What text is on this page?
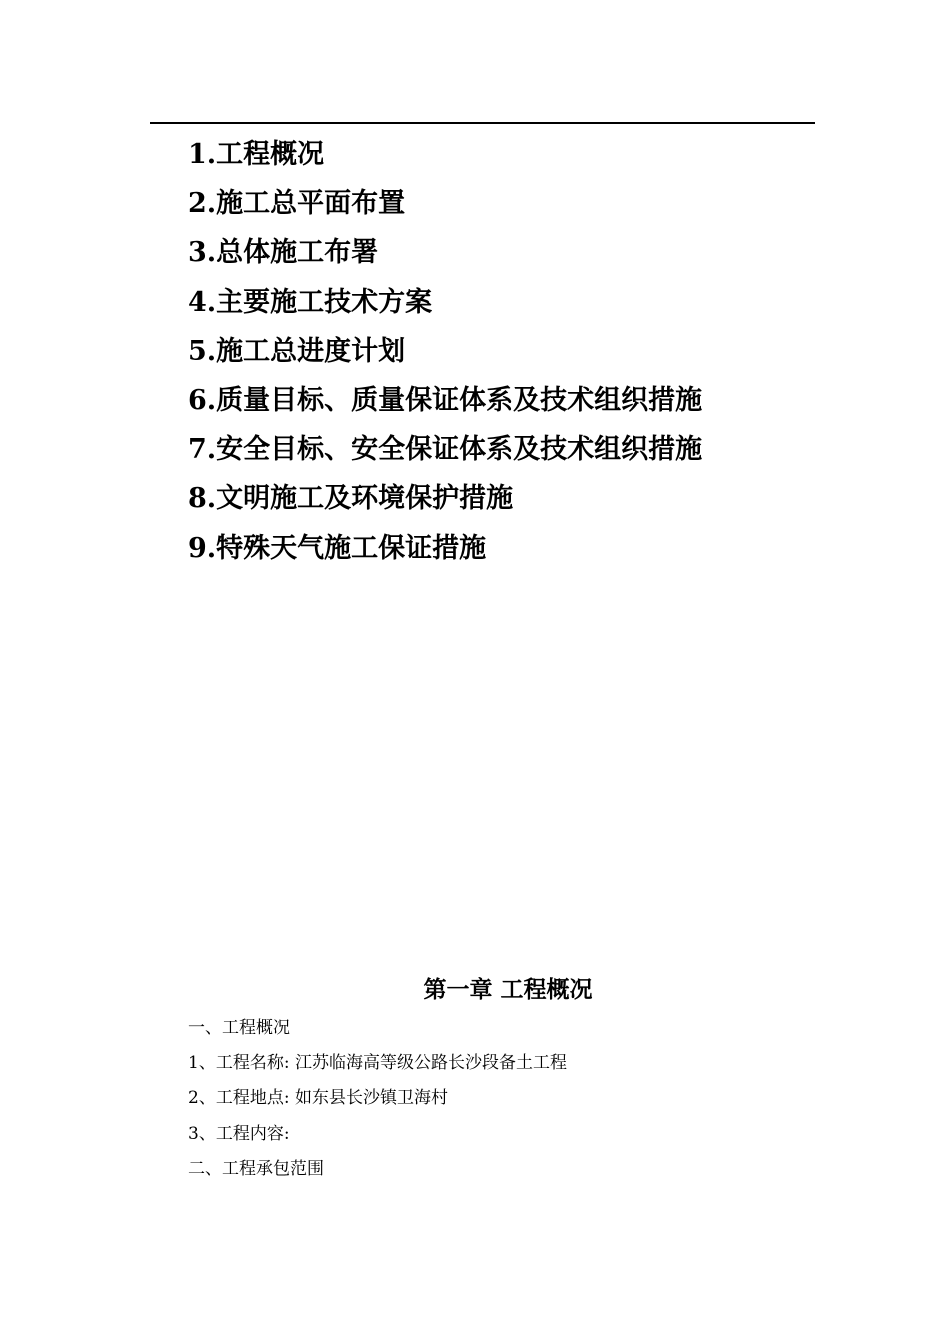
1.工程概况
2.施工总平面布置
3.总体施工布署
4.主要施工技术方案
5.施工总进度计划
6.质量目标、质量保证体系及技术组织措施
7.安全目标、安全保证体系及技术组织措施
8.文明施工及环境保护措施
9.特殊天气施工保证措施
第一章 工程概况
一、工程概况
1、工程名称: 江苏临海高等级公路长沙段备土工程
2、工程地点: 如东县长沙镇卫海村
3、工程内容:
二、工程承包范围
